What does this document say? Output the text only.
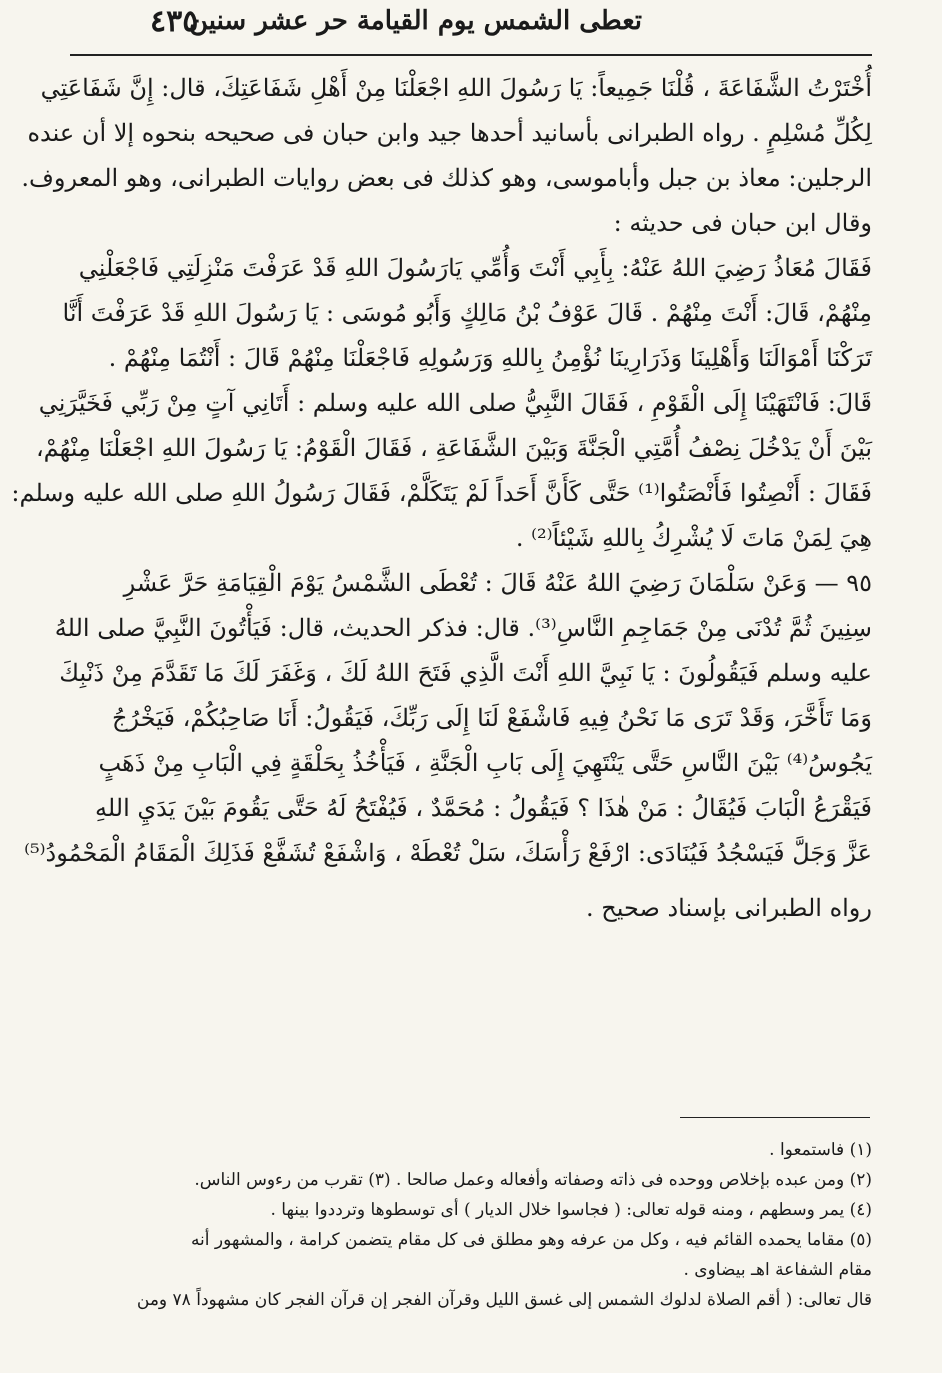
تعطى الشمس يوم القيامة حر عشر سنين
٤٣٥
أُخْتَرْتُ الشَّفَاعَةَ ، قُلْنَا جَمِيعاً: يَا رَسُولَ اللهِ اجْعَلْنَا مِنْ أَهْلِ شَفَاعَتِكَ، قال: إِنَّ شَفَاعَتِي
لِكُلِّ مُسْلِمٍ . رواه الطبرانى بأسانيد أحدها جيد وابن حبان فى صحيحه بنحوه إلا أن عنده
الرجلين: معاذ بن جبل وأباموسى، وهو كذلك فى بعض روايات الطبرانى، وهو المعروف.
وقال ابن حبان فى حديثه :
فَقَالَ مُعَاذُ رَضِيَ اللهُ عَنْهُ: بِأَبِي أَنْتَ وَأُمِّي يَارَسُولَ اللهِ قَدْ عَرَفْتَ مَنْزِلَتِي فَاجْعَلْنِي
مِنْهُمْ، قَالَ: أَنْتَ مِنْهُمْ . قَالَ عَوْفُ بْنُ مَالِكٍ وَأَبُو مُوسَى : يَا رَسُولَ اللهِ قَدْ عَرَفْتَ أَنَّا
تَرَكْنَا أَمْوَالَنَا وَأَهْلِينَا وَذَرَارِينَا نُؤْمِنُ بِاللهِ وَرَسُولِهِ فَاجْعَلْنَا مِنْهُمْ قَالَ : أَنْتُمَا مِنْهُمْ .
قَالَ: فَانْتَهَيْنَا إِلَى الْقَوْمِ ، فَقَالَ النَّبِيُّ صلى الله عليه وسلم : أَتَانِي آتٍ مِنْ رَبِّي فَخَيَّرَنِي
بَيْنَ أَنْ يَدْخُلَ نِصْفُ أُمَّتِي الْجَنَّةَ وَبَيْنَ الشَّفَاعَةِ ، فَقَالَ الْقَوْمُ: يَا رَسُولَ اللهِ اجْعَلْنَا مِنْهُمْ،
فَقَالَ : أَنْصِتُوا فَأَنْصَتُوا⁽¹⁾ حَتَّى كَأَنَّ أَحَداً لَمْ يَتَكَلَّمْ، فَقَالَ رَسُولُ اللهِ صلى الله عليه وسلم:
هِيَ لِمَنْ مَاتَ لَا يُشْرِكُ بِاللهِ شَيْئاً⁽²⁾ .
٩٥ — وَعَنْ سَلْمَانَ رَضِيَ اللهُ عَنْهُ قَالَ : تُعْطَى الشَّمْسُ يَوْمَ الْقِيَامَةِ حَرَّ عَشْرِ
سِنِينَ ثُمَّ تُدْنَى مِنْ جَمَاجِمِ النَّاسِ⁽³⁾. قال: فذكر الحديث، قال: فَيَأْتُونَ النَّبِيَّ صلى اللهُ
عليه وسلم فَيَقُولُونَ : يَا نَبِيَّ اللهِ أَنْتَ الَّذِي فَتَحَ اللهُ لَكَ ، وَغَفَرَ لَكَ مَا تَقَدَّمَ مِنْ ذَنْبِكَ
وَمَا تَأَخَّرَ، وَقَدْ تَرَى مَا نَحْنُ فِيهِ فَاشْفَعْ لَنَا إِلَى رَبِّكَ، فَيَقُولُ: أَنَا صَاحِبُكُمْ، فَيَخْرُجُ
يَجُوسُ⁽⁴⁾ بَيْنَ النَّاسِ حَتَّى يَنْتَهِيَ إِلَى بَابِ الْجَنَّةِ ، فَيَأْخُذُ بِحَلْقَةٍ فِي الْبَابِ مِنْ ذَهَبٍ
فَيَقْرَعُ الْبَابَ فَيُقَالُ : مَنْ هٰذَا ؟ فَيَقُولُ : مُحَمَّدٌ ، فَيُفْتَحُ لَهُ حَتَّى يَقُومَ بَيْنَ يَدَيِ اللهِ
عَزَّ وَجَلَّ فَيَسْجُدُ فَيُنَادَى: ارْفَعْ رَأْسَكَ، سَلْ تُعْطَهْ ، وَاشْفَعْ تُشَفَّعْ فَذَلِكَ الْمَقَامُ الْمَحْمُودُ⁽⁵⁾
رواه الطبرانى بإسناد صحيح .
(١) فاستمعوا .
(٢) ومن عبده بإخلاص ووحده فى ذاته وصفاته وأفعاله وعمل صالحا . (٣) تقرب من رءوس الناس.
(٤) يمر وسطهم ، ومنه قوله تعالى: ( فجاسوا خلال الديار ) أى توسطوها وترددوا بينها .
(٥) مقاما يحمده القائم فيه ، وكل من عرفه وهو مطلق فى كل مقام يتضمن كرامة ، والمشهور أنه
مقام الشفاعة اهـ بيضاوى .
قال تعالى: ( أقم الصلاة لدلوك الشمس إلى غسق الليل وقرآن الفجر إن قرآن الفجر كان مشهوداً ٧٨ ومن
